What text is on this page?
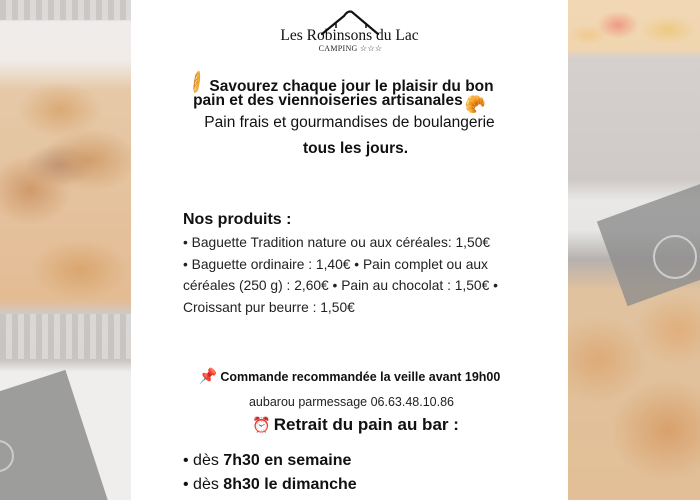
Les Robinsons du Lac
CAMPING ☆☆☆
🥖 Savourez chaque jour le plaisir du bon
pain et des viennoiseries artisanales 🥐
Pain frais et gourmandises de boulangerie
tous les jours.
Nos produits :
• Baguette Tradition nature ou aux céréales: 1,50€
• Baguette ordinaire : 1,40€ • Pain complet ou aux
céréales (250 g) : 2,60€ • Pain au chocolat : 1,50€ •
Croissant pur beurre : 1,50€
📌 Commande recommandée la veille avant 19h00
aubarou parmessage 06.63.48.10.86
⏰ Retrait du pain au bar :
• dès 7h30 en semaine
• dès 8h30 le dimanche
